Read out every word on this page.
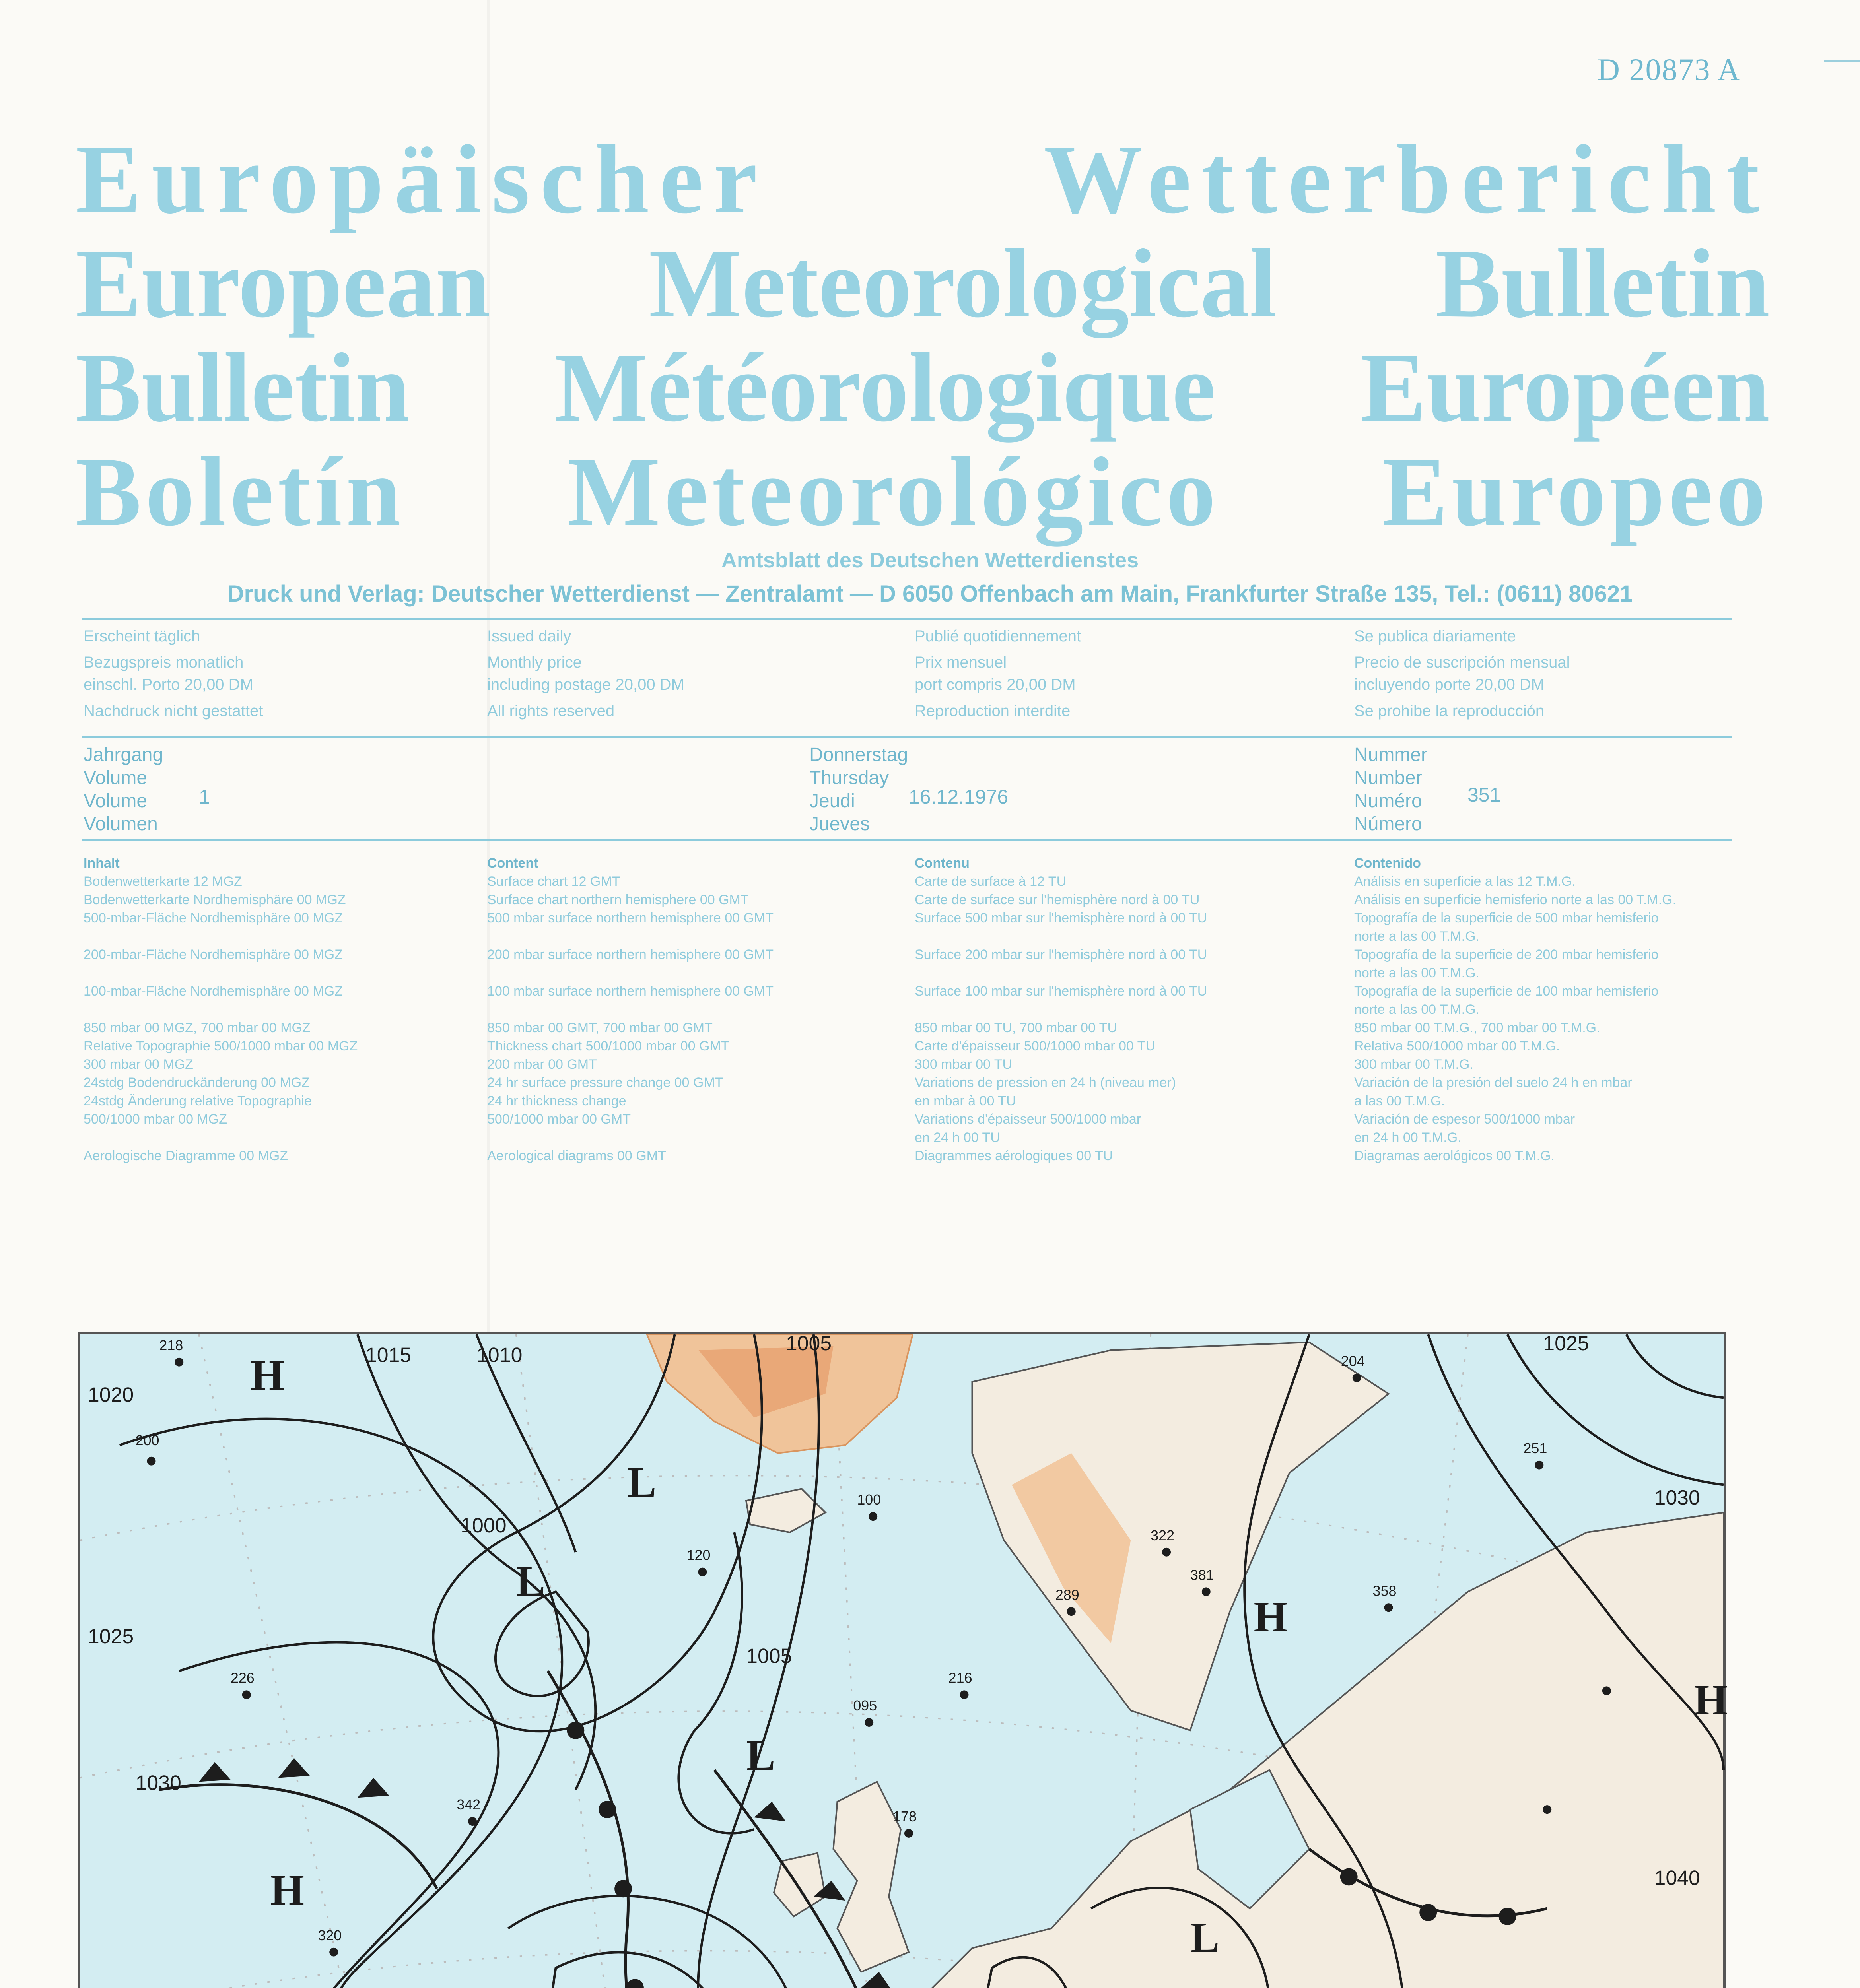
D 20873 A
Europäischer	Wetterbericht
European Meteorological Bulletin
Bulletin Météorologique Européen
Boletín Meteorológico Europeo
Amtsblatt des Deutschen Wetterdienstes
Druck und Verlag: Deutscher Wetterdienst — Zentralamt — D 6050 Offenbach am Main, Frankfurter Straße 135, Tel.: (0611) 80621
Erscheint täglich
Bezugspreis monatlich
einschl. Porto 20,00 DM
Nachdruck nicht gestattet
Issued daily
Monthly price
including postage 20,00 DM
All rights reserved
Publié quotidiennement
Prix mensuel
port compris 20,00 DM
Reproduction interdite
Se publica diariamente
Precio de suscripción mensual
incluyendo porte 20,00 DM
Se prohibe la reproducción
Jahrgang
Volume
Volume
Volumen
1
Donnerstag
Thursday
Jeudi
Jueves
16.12.1976
Nummer
Number
Numéro
Número
351
Inhalt
Bodenwetterkarte 12 MGZ
Bodenwetterkarte Nordhemisphäre 00 MGZ
500-mbar-Fläche Nordhemisphäre 00 MGZ

200-mbar-Fläche Nordhemisphäre 00 MGZ

100-mbar-Fläche Nordhemisphäre 00 MGZ

850 mbar 00 MGZ, 700 mbar 00 MGZ
Relative Topographie 500/1000 mbar 00 MGZ
300 mbar 00 MGZ
24stdg Bodendruckänderung 00 MGZ
24stdg Änderung relative Topographie
500/1000 mbar 00 MGZ

Aerologische Diagramme 00 MGZ
Content
Surface chart 12 GMT
Surface chart northern hemisphere 00 GMT
500 mbar surface northern hemisphere 00 GMT

200 mbar surface northern hemisphere 00 GMT

100 mbar surface northern hemisphere 00 GMT

850 mbar 00 GMT, 700 mbar 00 GMT
Thickness chart 500/1000 mbar 00 GMT
200 mbar 00 GMT
24 hr surface pressure change 00 GMT
24 hr thickness change
500/1000 mbar 00 GMT

Aerological diagrams 00 GMT
Contenu
Carte de surface à 12 TU
Carte de surface sur l'hemisphère nord à 00 TU
Surface 500 mbar sur l'hemisphère nord à 00 TU

Surface 200 mbar sur l'hemisphère nord à 00 TU

Surface 100 mbar sur l'hemisphère nord à 00 TU

850 mbar 00 TU, 700 mbar 00 TU
Carte d'épaisseur 500/1000 mbar 00 TU
300 mbar 00 TU
Variations de pression en 24 h (niveau mer)
en mbar à 00 TU
Variations d'épaisseur 500/1000 mbar
en 24 h 00 TU
Diagrammes aérologiques 00 TU
Contenido
Análisis en superficie a las 12 T.M.G.
Análisis en superficie hemisferio norte a las 00 T.M.G.
Topografía de la superficie de 500 mbar hemisferio
norte a las 00 T.M.G.
Topografía de la superficie de 200 mbar hemisferio
norte a las 00 T.M.G.
Topografía de la superficie de 100 mbar hemisferio
norte a las 00 T.M.G.
850 mbar 00 T.M.G., 700 mbar 00 T.M.G.
Relativa 500/1000 mbar 00 T.M.G.
300 mbar 00 T.M.G.
Variación de la presión del suelo 24 h en mbar
a las 00 T.M.G.
Variación de espesor 500/1000 mbar
en 24 h 00 T.M.G.
Diagramas aerológicos 00 T.M.G.
H
H
L
L
L
L
H
H
1020
1015	1010
1025
1000
1005
1025
1030
1005
1030
1040
218
226
200
342
320
120
100
095
216
289
381
358
204
251
322
178
